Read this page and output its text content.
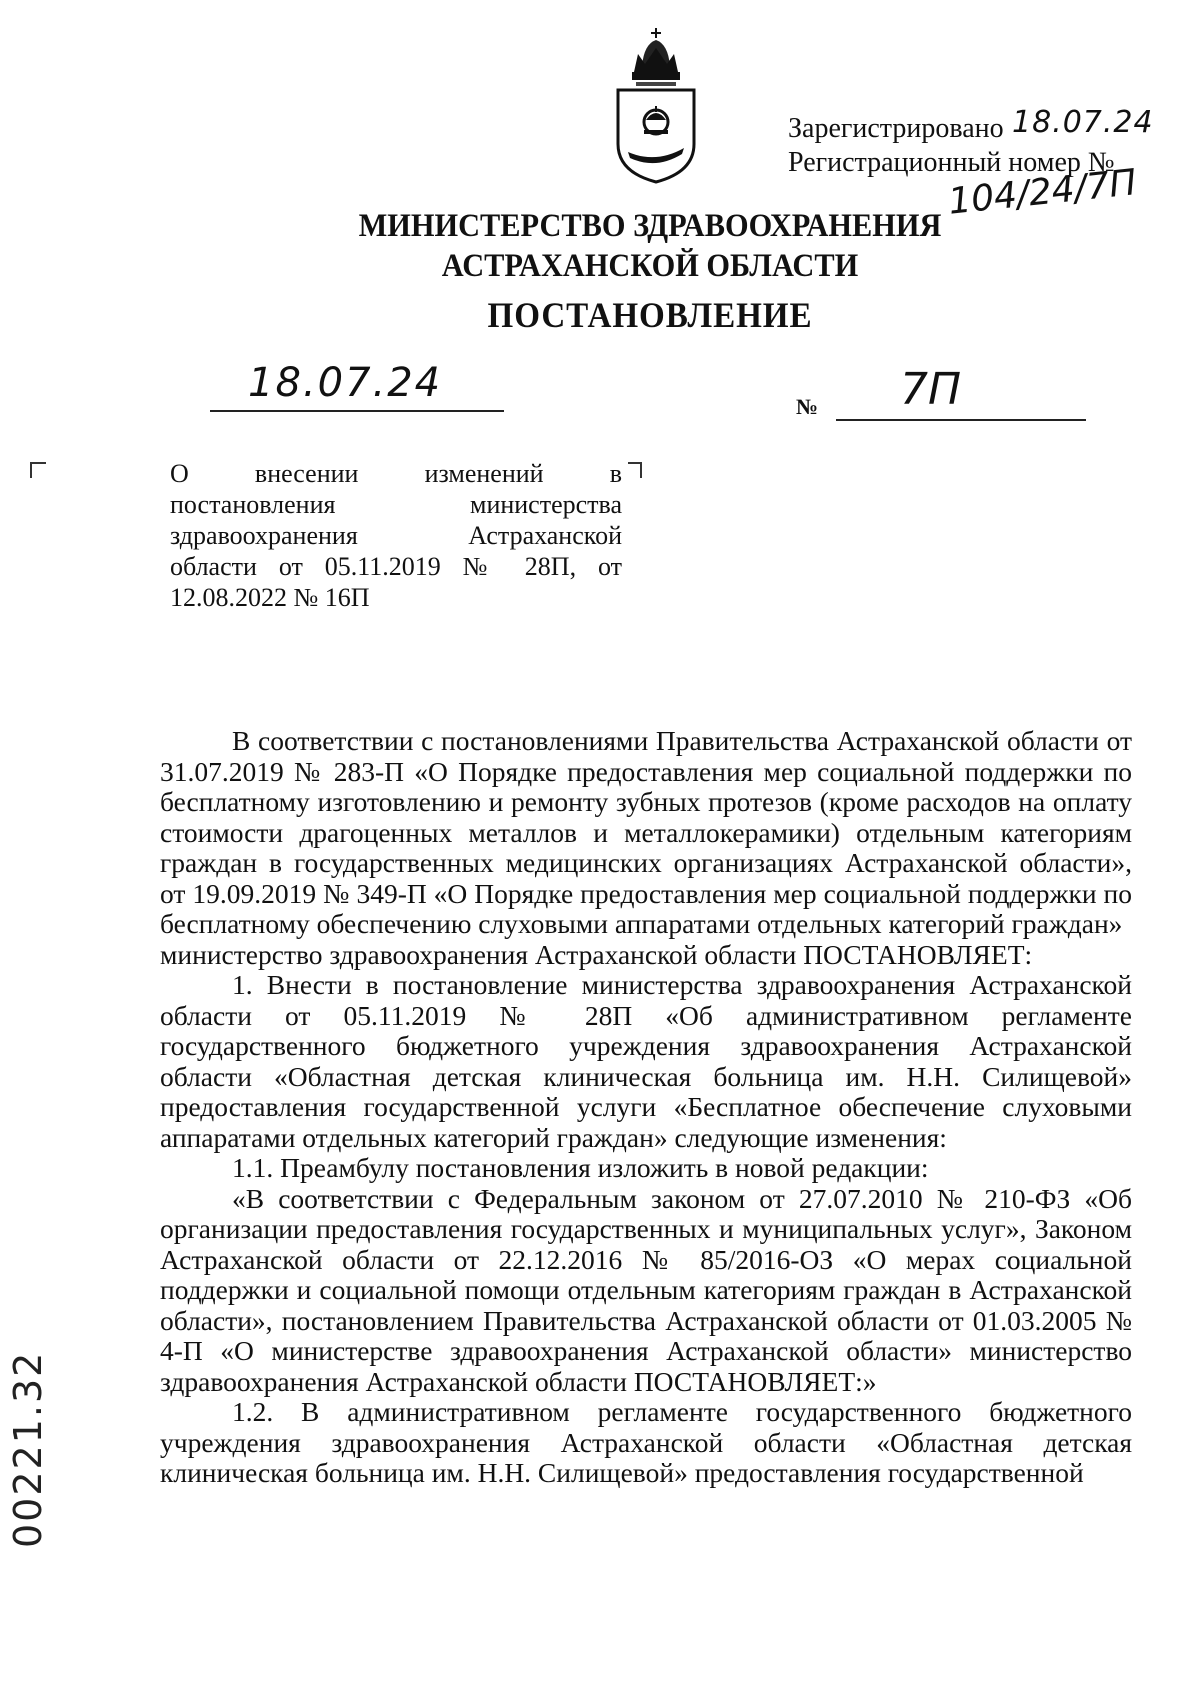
Зарегистрировано 18.07.24
Регистрационный номер №
104/24/7П
МИНИСТЕРСТВО ЗДРАВООХРАНЕНИЯ
АСТРАХАНСКОЙ ОБЛАСТИ
ПОСТАНОВЛЕНИЕ
18.07.24
№ 7П
О внесении изменений в
постановления министерства
здравоохранения Астраханской
области от 05.11.2019 № 28П, от
12.08.2022 № 16П

В соответствии с постановлениями Правительства Астраханской области от 31.07.2019 № 283-П «О Порядке предоставления мер социальной поддержки по бесплатному изготовлению и ремонту зубных протезов (кроме расходов на оплату стоимости драгоценных металлов и металлокерамики) отдельным категориям граждан в государственных медицинских организациях Астраханской области», от 19.09.2019 № 349-П «О Порядке предоставления мер социальной поддержки по бесплатному обеспечению слуховыми аппаратами отдельных категорий граждан»

министерство здравоохранения Астраханской области ПОСТАНОВЛЯЕТ:

1. Внести в постановление министерства здравоохранения Астраханской области от 05.11.2019 № 28П «Об административном регламенте государственного бюджетного учреждения здравоохранения Астраханской области «Областная детская клиническая больница им. Н.Н. Силищевой» предоставления государственной услуги «Бесплатное обеспечение слуховыми аппаратами отдельных категорий граждан» следующие изменения:

1.1. Преамбулу постановления изложить в новой редакции:

«В соответствии с Федеральным законом от 27.07.2010 № 210-ФЗ «Об организации предоставления государственных и муниципальных услуг», Законом Астраханской области от 22.12.2016 № 85/2016-ОЗ «О мерах социальной поддержки и социальной помощи отдельным категориям граждан в Астраханской области», постановлением Правительства Астраханской области от 01.03.2005 № 4-П «О министерстве здравоохранения Астраханской области» министерство здравоохранения Астраханской области ПОСТАНОВЛЯЕТ:»

1.2. В административном регламенте государственного бюджетного учреждения здравоохранения Астраханской области «Областная детская клиническая больница им. Н.Н. Силищевой» предоставления государственной

00221.32
